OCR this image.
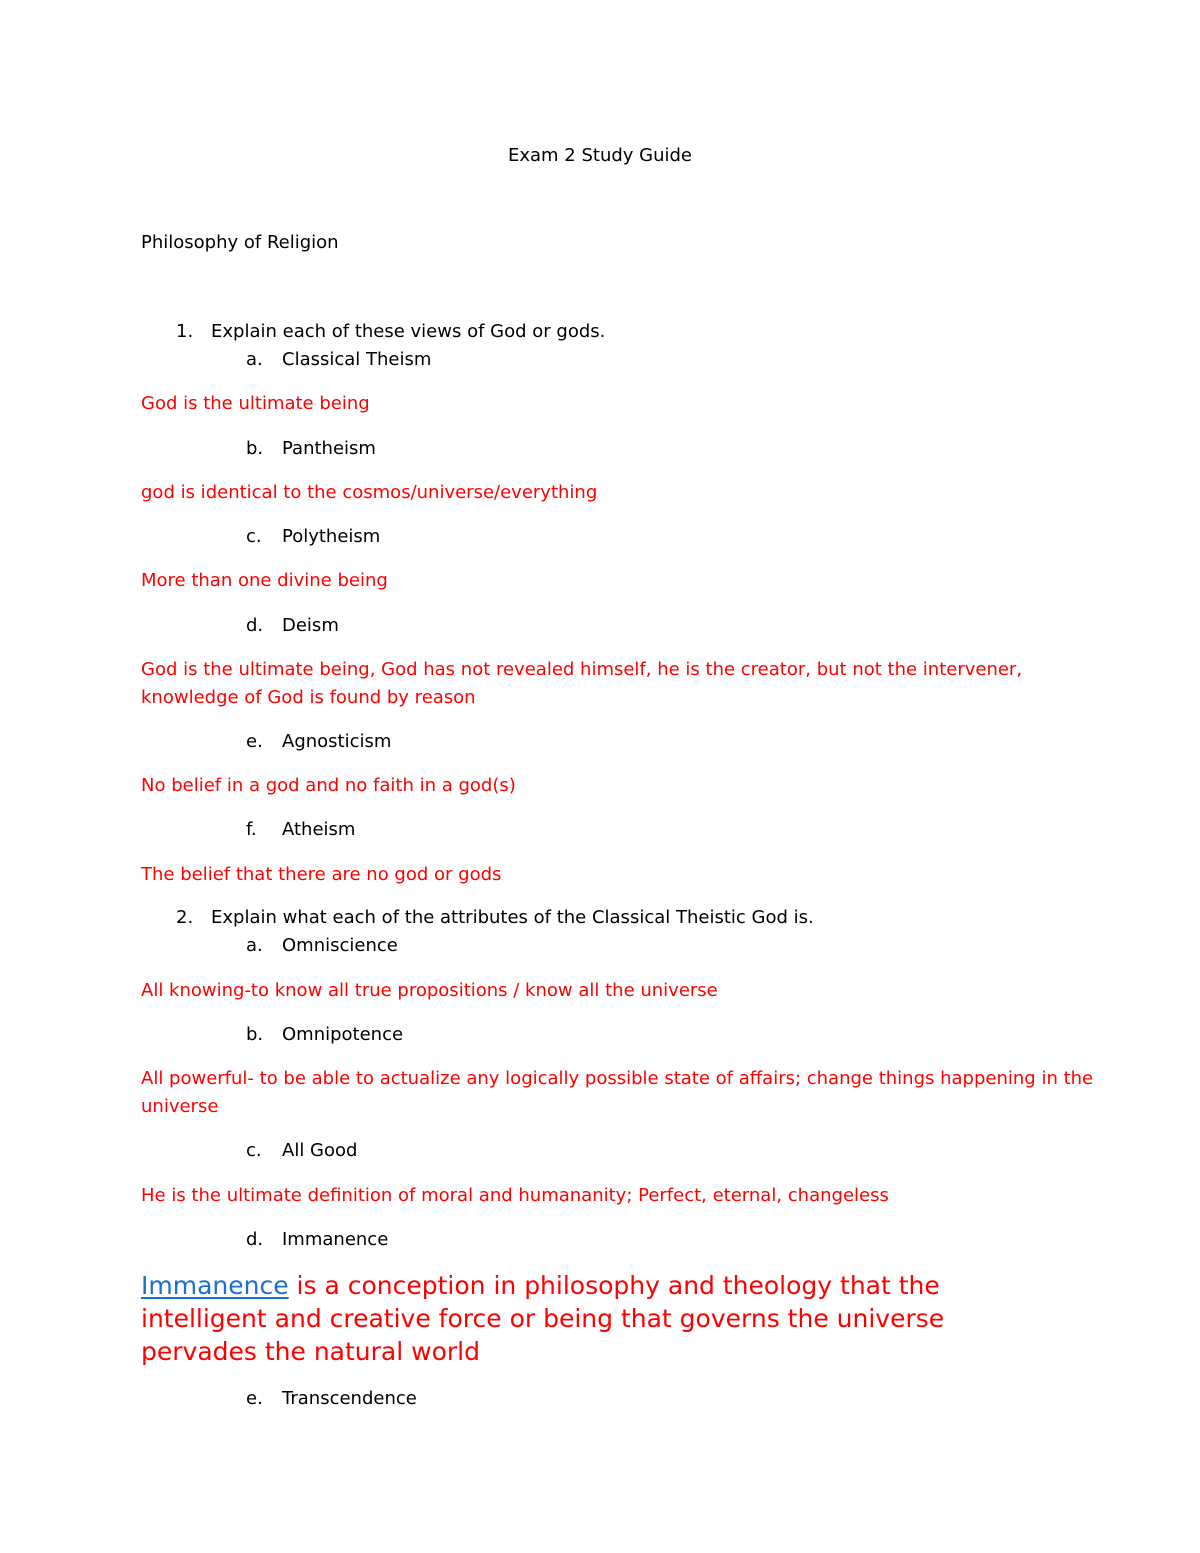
Exam 2 Study Guide
Philosophy of Religion
1. Explain each of these views of God or gods.
a. Classical Theism
God is the ultimate being
b. Pantheism
god is identical to the cosmos/universe/everything
c. Polytheism
More than one divine being
d. Deism
God is the ultimate being, God has not revealed himself, he is the creator, but not the intervener,
knowledge of God is found by reason
e. Agnosticism
No belief in a god and no faith in a god(s)
f. Atheism
The belief that there are no god or gods
2. Explain what each of the attributes of the Classical Theistic God is.
a. Omniscience
All knowing-to know all true propositions / know all the universe
b. Omnipotence
All powerful- to be able to actualize any logically possible state of affairs; change things happening in the
universe
c. All Good
He is the ultimate definition of moral and humananity; Perfect, eternal, changeless
d. Immanence
Immanence is a conception in philosophy and theology that the
intelligent and creative force or being that governs the universe
pervades the natural world
e. Transcendence
